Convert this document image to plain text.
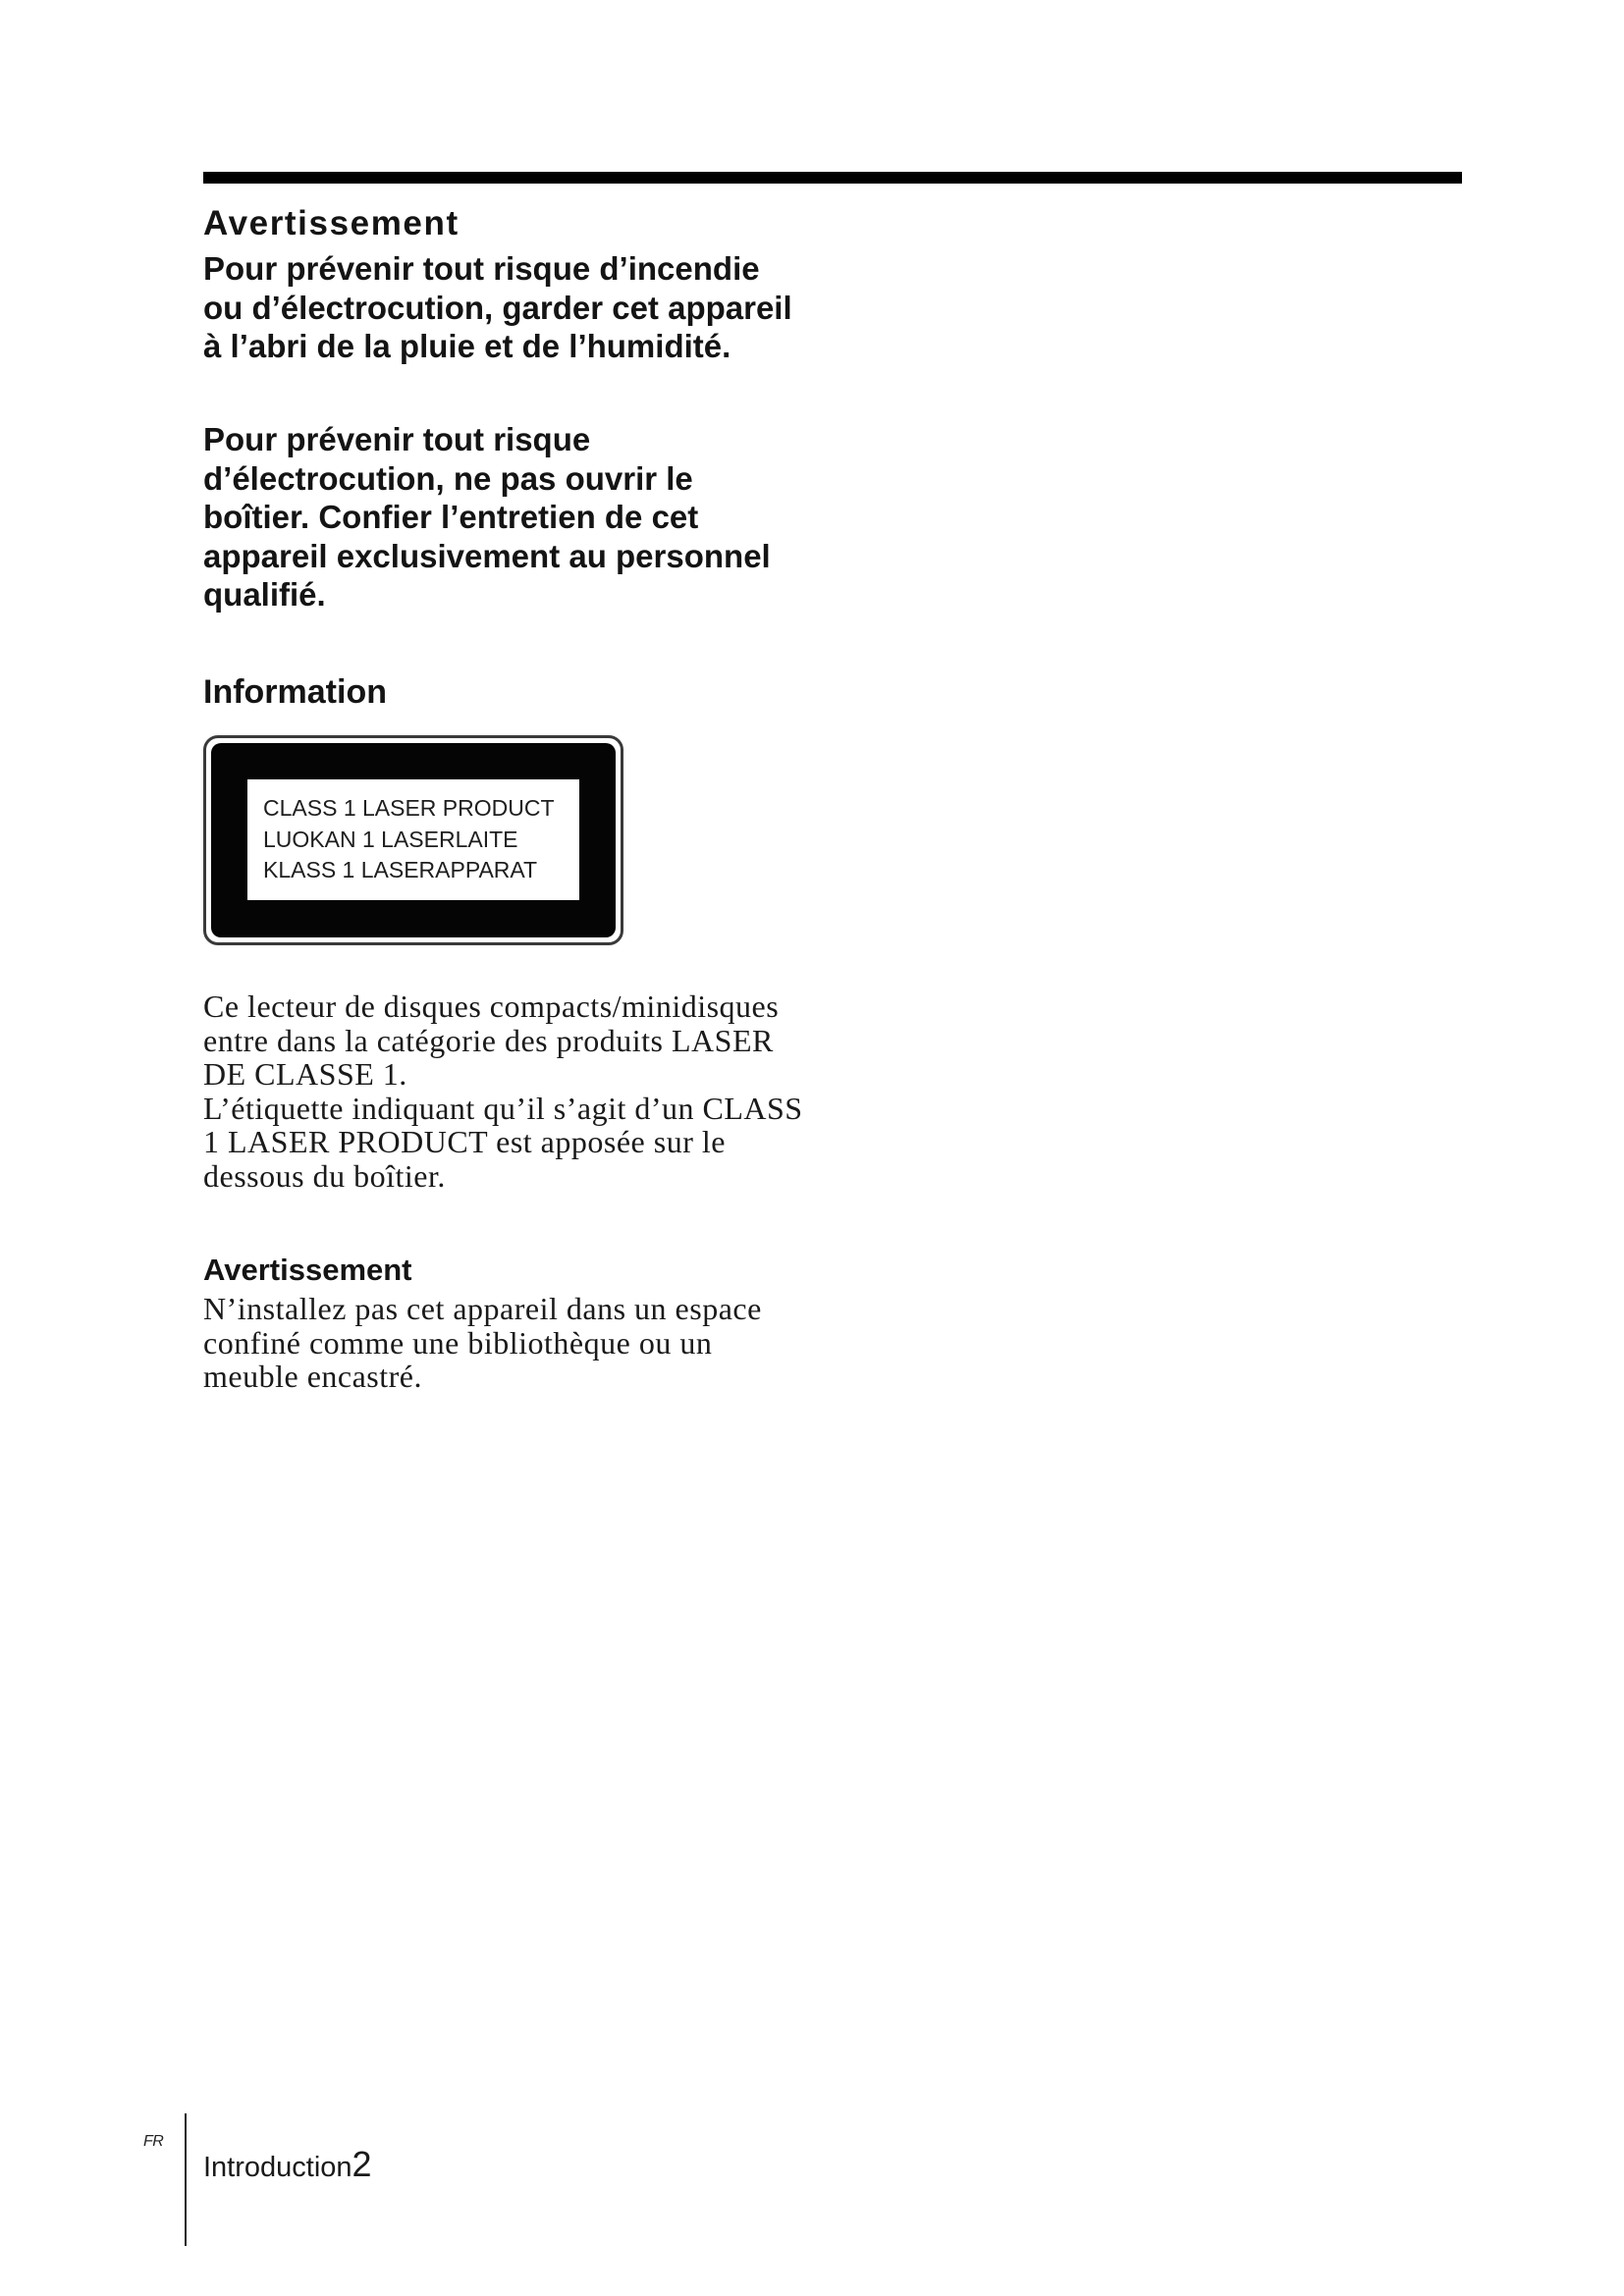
Avertissement
Pour prévenir tout risque d’incendie
ou d’électrocution, garder cet appareil
à l’abri de la pluie et de l’humidité.
Pour prévenir tout risque
d’électrocution, ne pas ouvrir le
boîtier. Confier l’entretien de cet
appareil exclusivement au personnel
qualifié.
Information
CLASS 1 LASER PRODUCT
LUOKAN 1 LASERLAITE
KLASS 1 LASERAPPARAT
Ce lecteur de disques compacts/minidisques
entre dans la catégorie des produits LASER
DE CLASSE 1.
L’étiquette indiquant qu’il s’agit d’un CLASS
1 LASER PRODUCT est apposée sur le
dessous du boîtier.
Avertissement
N’installez pas cet appareil dans un espace
confiné comme une bibliothèque ou un
meuble encastré.
FR
Introduction2
